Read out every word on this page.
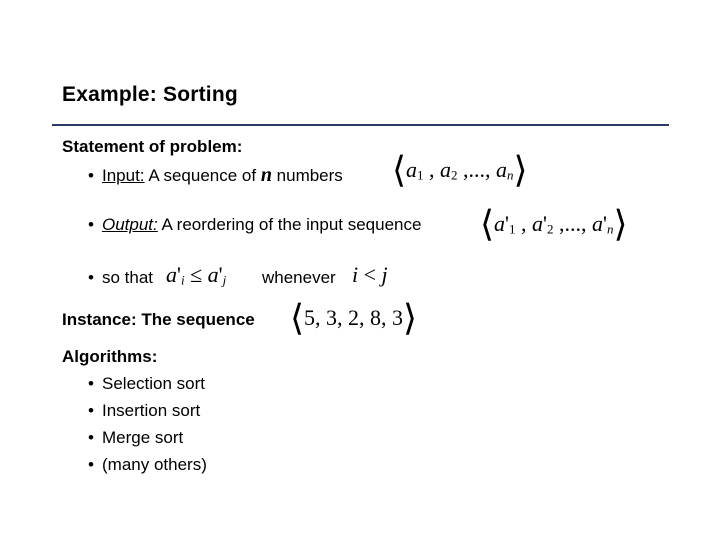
Example: Sorting
Statement of problem:
• Input: A sequence of n numbers $⟨a_1$ , $a_2$ ,..., $a_n⟩$
• Output: A reordering of the input sequence $⟨a'_1$ , $a'_2$ ,..., $a'_n⟩$
• so that $a'_i \le a'_j$ whenever i < j
Instance: The sequence ⟨5, 3, 2, 8, 3⟩
Algorithms:
• Selection sort
• Insertion sort
• Merge sort
• (many others)
